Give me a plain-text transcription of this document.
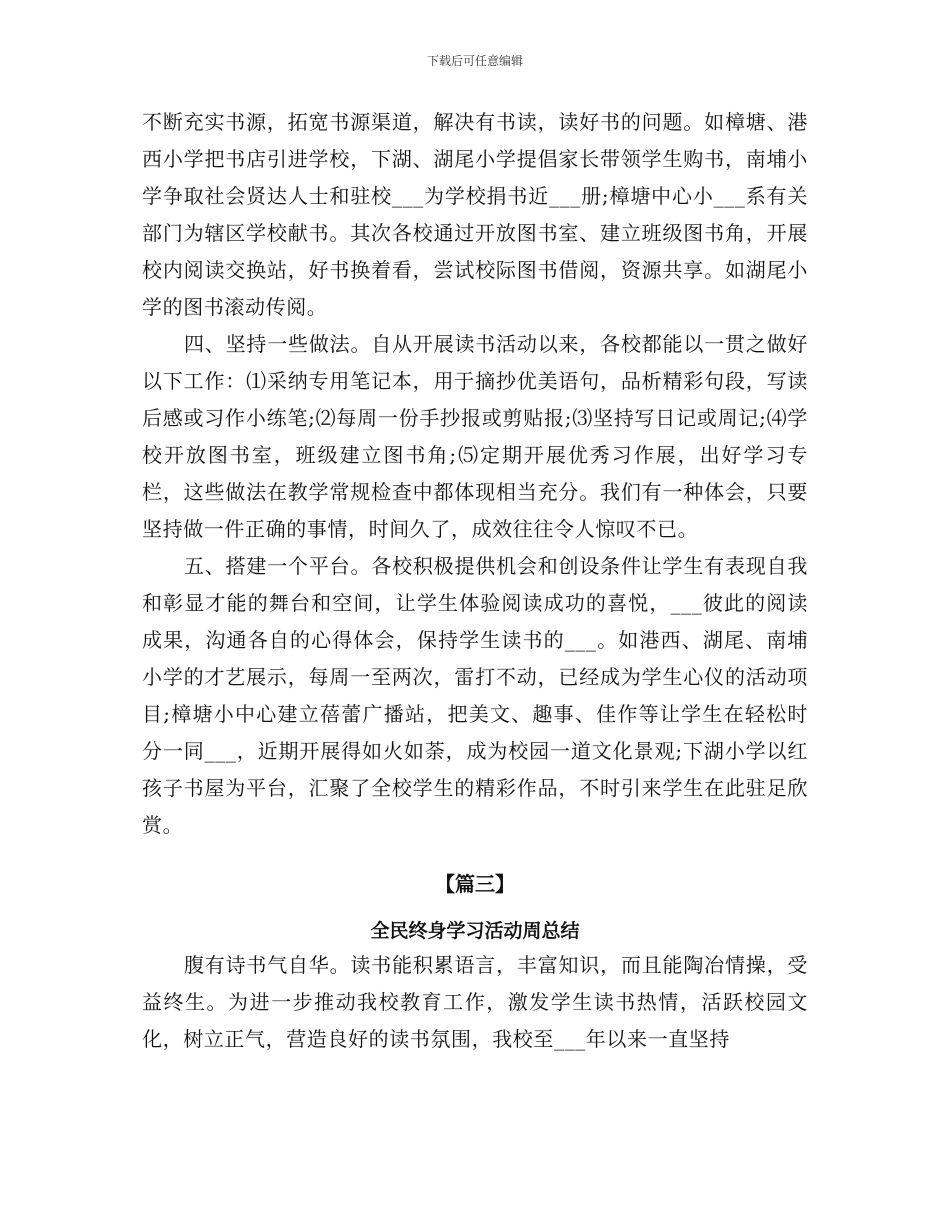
下载后可任意编辑

不断充实书源，拓宽书源渠道，解决有书读，读好书的问题。如樟塘、港西小学把书店引进学校，下湖、湖尾小学提倡家长带领学生购书，南埔小学争取社会贤达人士和驻校___为学校捐书近___册;樟塘中心小___系有关部门为辖区学校献书。其次各校通过开放图书室、建立班级图书角，开展校内阅读交换站，好书换着看，尝试校际图书借阅，资源共享。如湖尾小学的图书滚动传阅。

四、坚持一些做法。自从开展读书活动以来，各校都能以一贯之做好以下工作：⑴采纳专用笔记本，用于摘抄优美语句，品析精彩句段，写读后感或习作小练笔;⑵每周一份手抄报或剪贴报;⑶坚持写日记或周记;⑷学校开放图书室，班级建立图书角;⑸定期开展优秀习作展，出好学习专栏，这些做法在教学常规检查中都体现相当充分。我们有一种体会，只要坚持做一件正确的事情，时间久了，成效往往令人惊叹不已。

五、搭建一个平台。各校积极提供机会和创设条件让学生有表现自我和彰显才能的舞台和空间，让学生体验阅读成功的喜悦，___彼此的阅读成果，沟通各自的心得体会，保持学生读书的___。如港西、湖尾、南埔小学的才艺展示，每周一至两次，雷打不动，已经成为学生心仪的活动项目;樟塘小中心建立蓓蕾广播站，把美文、趣事、佳作等让学生在轻松时分一同___，近期开展得如火如荼，成为校园一道文化景观;下湖小学以红孩子书屋为平台，汇聚了全校学生的精彩作品，不时引来学生在此驻足欣赏。

【篇三】
全民终身学习活动周总结

腹有诗书气自华。读书能积累语言，丰富知识，而且能陶冶情操，受益终生。为进一步推动我校教育工作，激发学生读书热情，活跃校园文化，树立正气，营造良好的读书氛围，我校至___年以来一直坚持
